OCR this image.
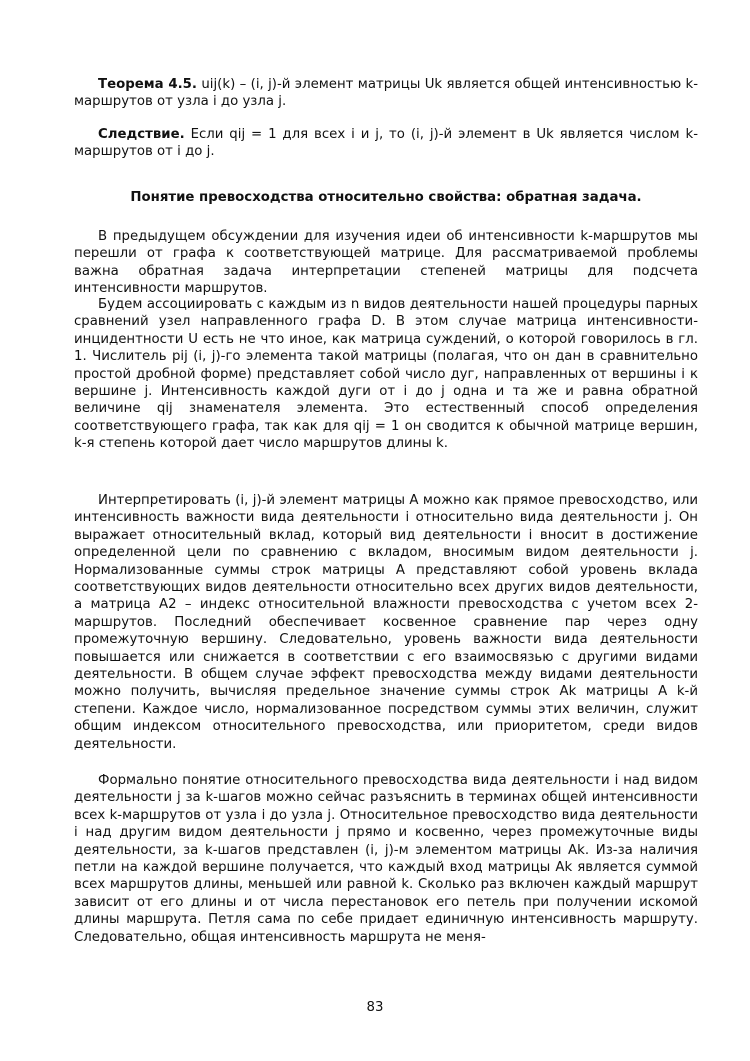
Теорема 4.5. uij(k) – (i, j)-й элемент матрицы Uk является общей интенсивностью k-маршрутов от узла i до узла j.

Следствие. Если qij = 1 для всех i и j, то (i, j)-й элемент в Uk является числом k-маршрутов от i до j.

Понятие превосходства относительно свойства: обратная задача.

В предыдущем обсуждении для изучения идеи об интенсивности k-маршрутов мы перешли от графа к соответствующей матрице. Для рассматриваемой проблемы важна обратная задача интерпретации степеней матрицы для подсчета интенсивности маршрутов.

Будем ассоциировать с каждым из n видов деятельности нашей процедуры парных сравнений узел направленного графа D. В этом случае матрица интенсивности-инцидентности U есть не что иное, как матрица суждений, о которой говорилось в гл. 1. Числитель pij (i, j)-го элемента такой матрицы (полагая, что он дан в сравнительно простой дробной форме) представляет собой число дуг, направленных от вершины i к вершине j. Интенсивность каждой дуги от i до j одна и та же и равна обратной величине qij знаменателя элемента. Это естественный способ определения соответствующего графа, так как для qij = 1 он сводится к обычной матрице вершин, k-я степень которой дает число маршрутов длины k.

Интерпретировать (i, j)-й элемент матрицы A можно как прямое превосходство, или интенсивность важности вида деятельности i относительно вида деятельности j. Он выражает относительный вклад, который вид деятельности i вносит в достижение определенной цели по сравнению с вкладом, вносимым видом деятельности j. Нормализованные суммы строк матрицы A представляют собой уровень вклада соответствующих видов деятельности относительно всех других видов деятельности, а матрица A2 – индекс относительной влажности превосходства с учетом всех 2-маршрутов. Последний обеспечивает косвенное сравнение пар через одну промежуточную вершину. Следовательно, уровень важности вида деятельности повышается или снижается в соответствии с его взаимосвязью с другими видами деятельности. В общем случае эффект превосходства между видами деятельности можно получить, вычисляя предельное значение суммы строк Ak матрицы A k-й степени. Каждое число, нормализованное посредством суммы этих величин, служит общим индексом относительного превосходства, или приоритетом, среди видов деятельности.

Формально понятие относительного превосходства вида деятельности i над видом деятельности j за k-шагов можно сейчас разъяснить в терминах общей интенсивности всех k-маршрутов от узла i до узла j. Относительное превосходство вида деятельности i над другим видом деятельности j прямо и косвенно, через промежуточные виды деятельности, за k-шагов представлен (i, j)-м элементом матрицы Ak. Из-за наличия петли на каждой вершине получается, что каждый вход матрицы Ak является суммой всех маршрутов длины, меньшей или равной k. Сколько раз включен каждый маршрут зависит от его длины и от числа перестановок его петель при получении искомой длины маршрута. Петля сама по себе придает единичную интенсивность маршруту. Следовательно, общая интенсивность маршрута не меня-

83
